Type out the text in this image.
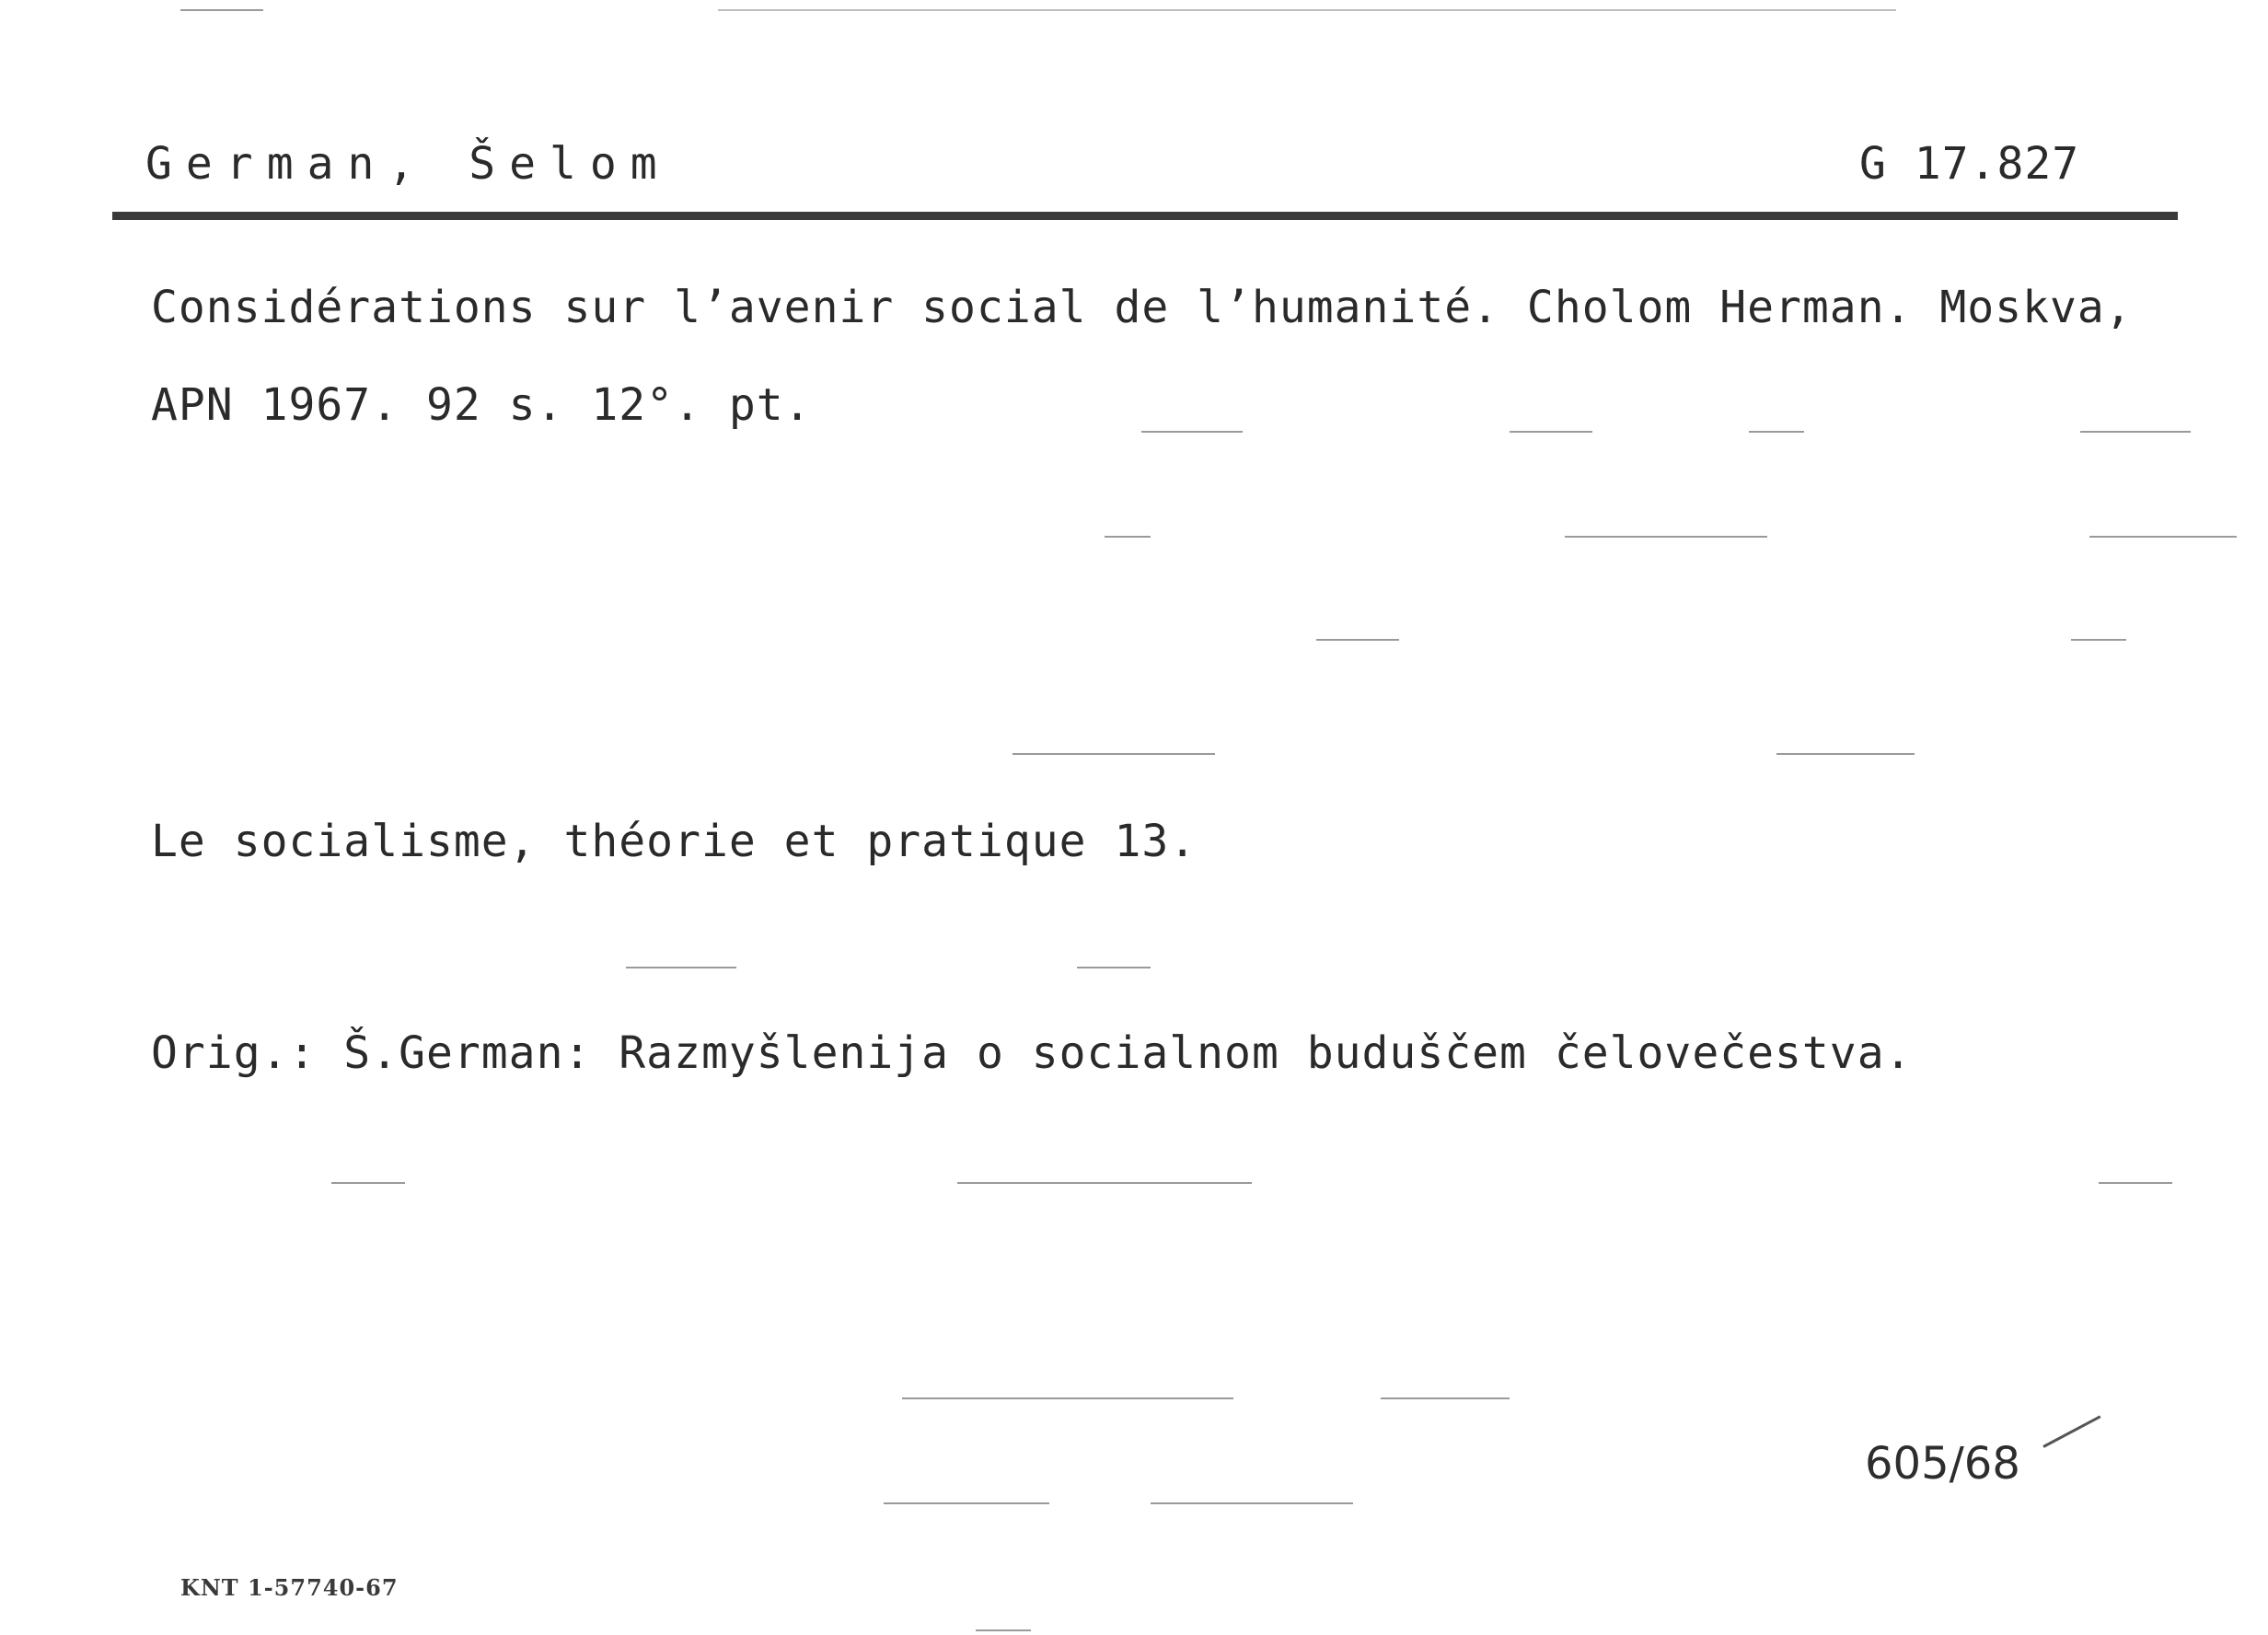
German, Šelom	G 17.827
Considérations sur l’avenir social de l’humanité. Cholom Herman. Moskva,
APN 1967. 92 s. 12°. pt.
Le socialisme, théorie et pratique 13.
Orig.: Š.German: Razmyšlenija o socialnom buduščem čelovečestva.
605/68
KNT 1-57740-67
